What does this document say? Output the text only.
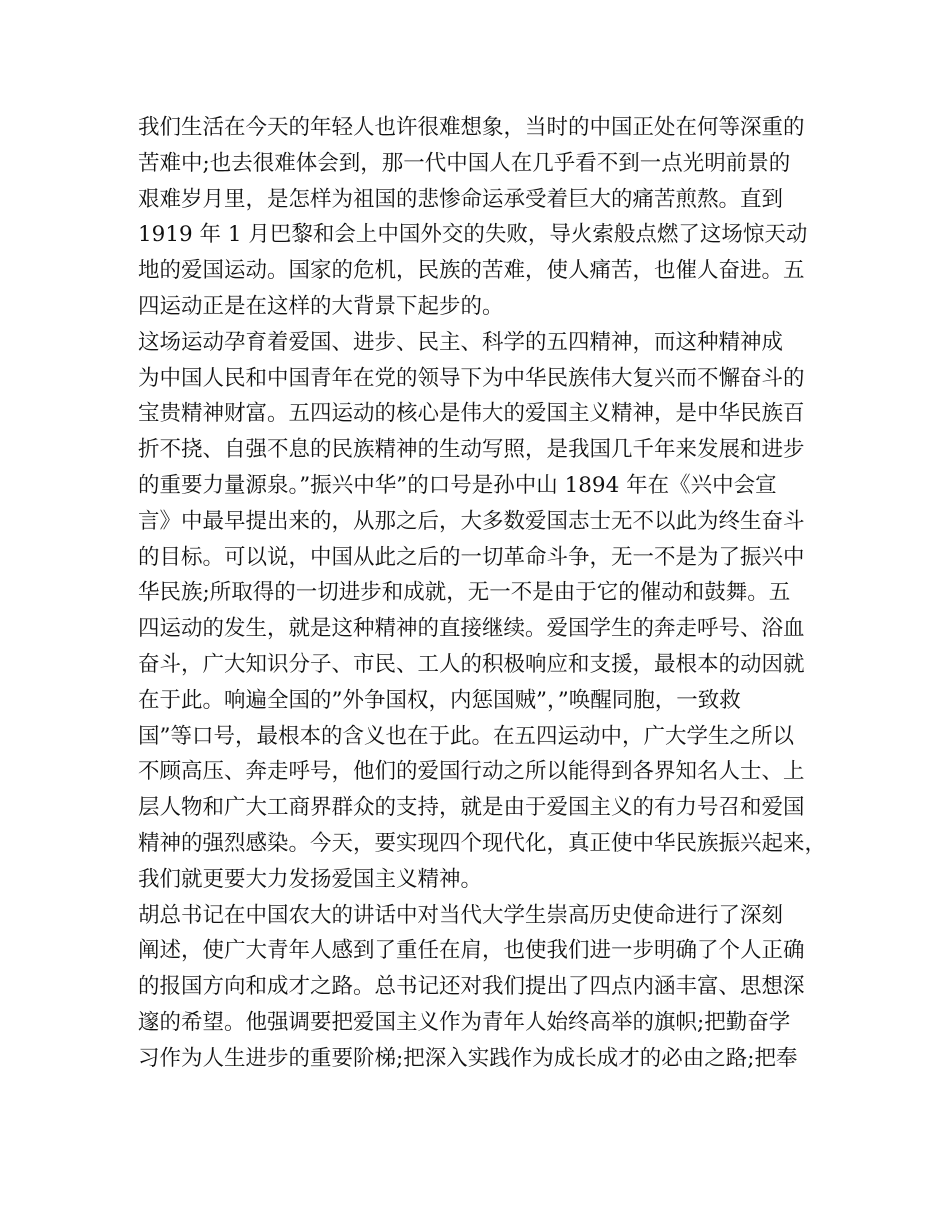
我们生活在今天的年轻人也许很难想象，当时的中国正处在何等深重的
苦难中;也去很难体会到，那一代中国人在几乎看不到一点光明前景的
艰难岁月里，是怎样为祖国的悲惨命运承受着巨大的痛苦煎熬。直到
1919 年 1 月巴黎和会上中国外交的失败，导火索般点燃了这场惊天动
地的爱国运动。国家的危机，民族的苦难，使人痛苦，也催人奋进。五
四运动正是在这样的大背景下起步的。
这场运动孕育着爱国、进步、民主、科学的五四精神，而这种精神成
为中国人民和中国青年在党的领导下为中华民族伟大复兴而不懈奋斗的
宝贵精神财富。五四运动的核心是伟大的爱国主义精神，是中华民族百
折不挠、自强不息的民族精神的生动写照，是我国几千年来发展和进步
的重要力量源泉。”振兴中华”的口号是孙中山 1894 年在《兴中会宣
言》中最早提出来的，从那之后，大多数爱国志士无不以此为终生奋斗
的目标。可以说，中国从此之后的一切革命斗争，无一不是为了振兴中
华民族;所取得的一切进步和成就，无一不是由于它的催动和鼓舞。五
四运动的发生，就是这种精神的直接继续。爱国学生的奔走呼号、浴血
奋斗，广大知识分子、市民、工人的积极响应和支援，最根本的动因就
在于此。响遍全国的”外争国权，内惩国贼”，”唤醒同胞，一致救
国”等口号，最根本的含义也在于此。在五四运动中，广大学生之所以
不顾高压、奔走呼号，他们的爱国行动之所以能得到各界知名人士、上
层人物和广大工商界群众的支持，就是由于爱国主义的有力号召和爱国
精神的强烈感染。今天，要实现四个现代化，真正使中华民族振兴起来，
我们就更要大力发扬爱国主义精神。
胡总书记在中国农大的讲话中对当代大学生崇高历史使命进行了深刻
阐述，使广大青年人感到了重任在肩，也使我们进一步明确了个人正确
的报国方向和成才之路。总书记还对我们提出了四点内涵丰富、思想深
邃的希望。他强调要把爱国主义作为青年人始终高举的旗帜;把勤奋学
习作为人生进步的重要阶梯;把深入实践作为成长成才的必由之路;把奉
